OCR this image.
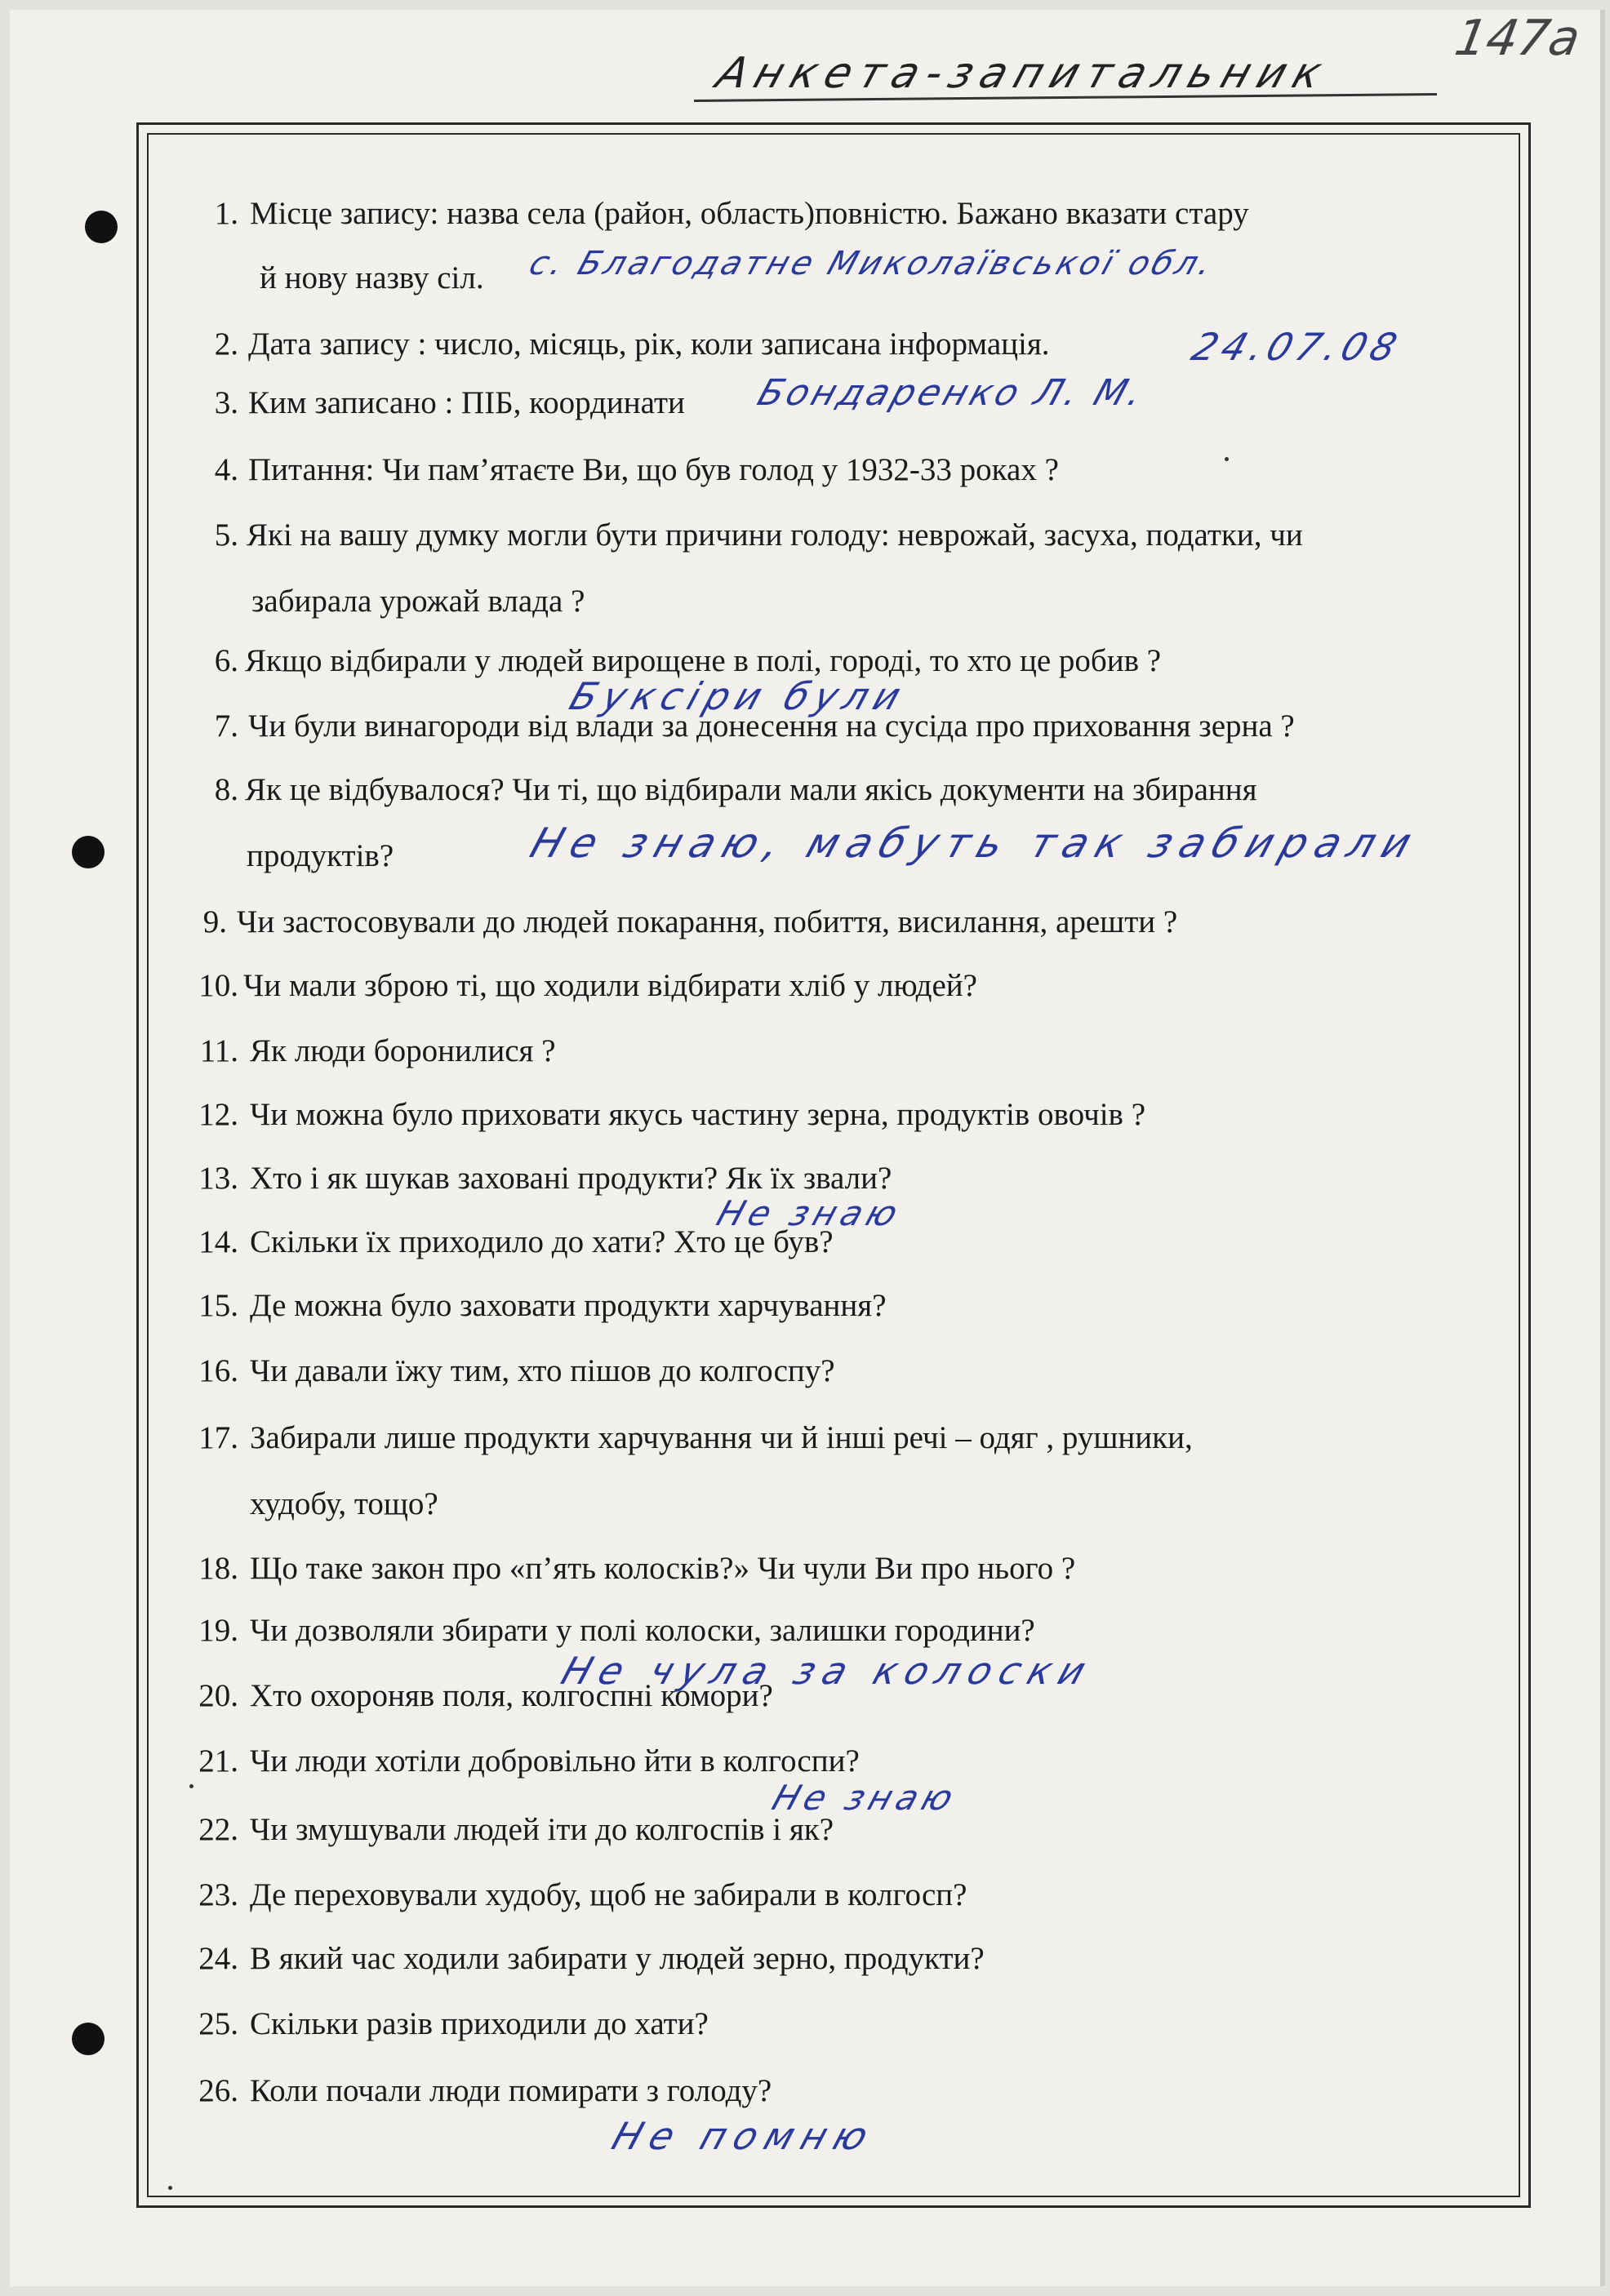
Анкета-запитальник
147а
1. Місце запису: назва села (район, область)повністю. Бажано вказати стару
й нову назву сіл.
2. Дата запису : число, місяць, рік, коли записана інформація.
3. Ким записано : ПІБ, координати
4. Питання: Чи пам’ятаєте Ви, що був голод у 1932-33 роках ?
5. Які на вашу думку могли бути причини голоду: неврожай, засуха, податки, чи
забирала урожай влада ?
6. Якщо відбирали у людей вирощене в полі, городі, то хто це робив ?
7. Чи були винагороди від влади за донесення на сусіда про приховання зерна ?
8. Як це відбувалося? Чи ті, що відбирали мали якісь документи на збирання
продуктів?
9. Чи застосовували до людей покарання, побиття, висилання, арешти ?
10. Чи мали зброю ті, що ходили відбирати хліб у людей?
11. Як люди боронилися ?
12. Чи можна було приховати якусь частину зерна, продуктів овочів ?
13. Хто і як шукав заховані продукти? Як їх звали?
14. Скільки їх приходило до хати? Хто це був?
15. Де можна було заховати продукти харчування?
16. Чи давали їжу тим, хто пішов до колгоспу?
17. Забирали лише продукти харчування чи й інші речі – одяг , рушники,
худобу, тощо?
18. Що таке закон про «п’ять колосків?» Чи чули Ви про нього ?
19. Чи дозволяли збирати у полі колоски, залишки городини?
20. Хто охороняв поля, колгоспні комори?
21. Чи люди хотіли добровільно йти в колгоспи?
22. Чи змушували людей іти до колгоспів і як?
23. Де переховували худобу, щоб не забирали в колгосп?
24. В який час ходили забирати у людей зерно, продукти?
25. Скільки разів приходили до хати?
26. Коли почали люди помирати з голоду?
с. Благодатне Миколаївської обл.
24.07.08
Бондаренко Л. М.
Буксіри були
Не знаю, мабуть так забирали
Не знаю
Не чула за колоски
Не знаю
Не помню
